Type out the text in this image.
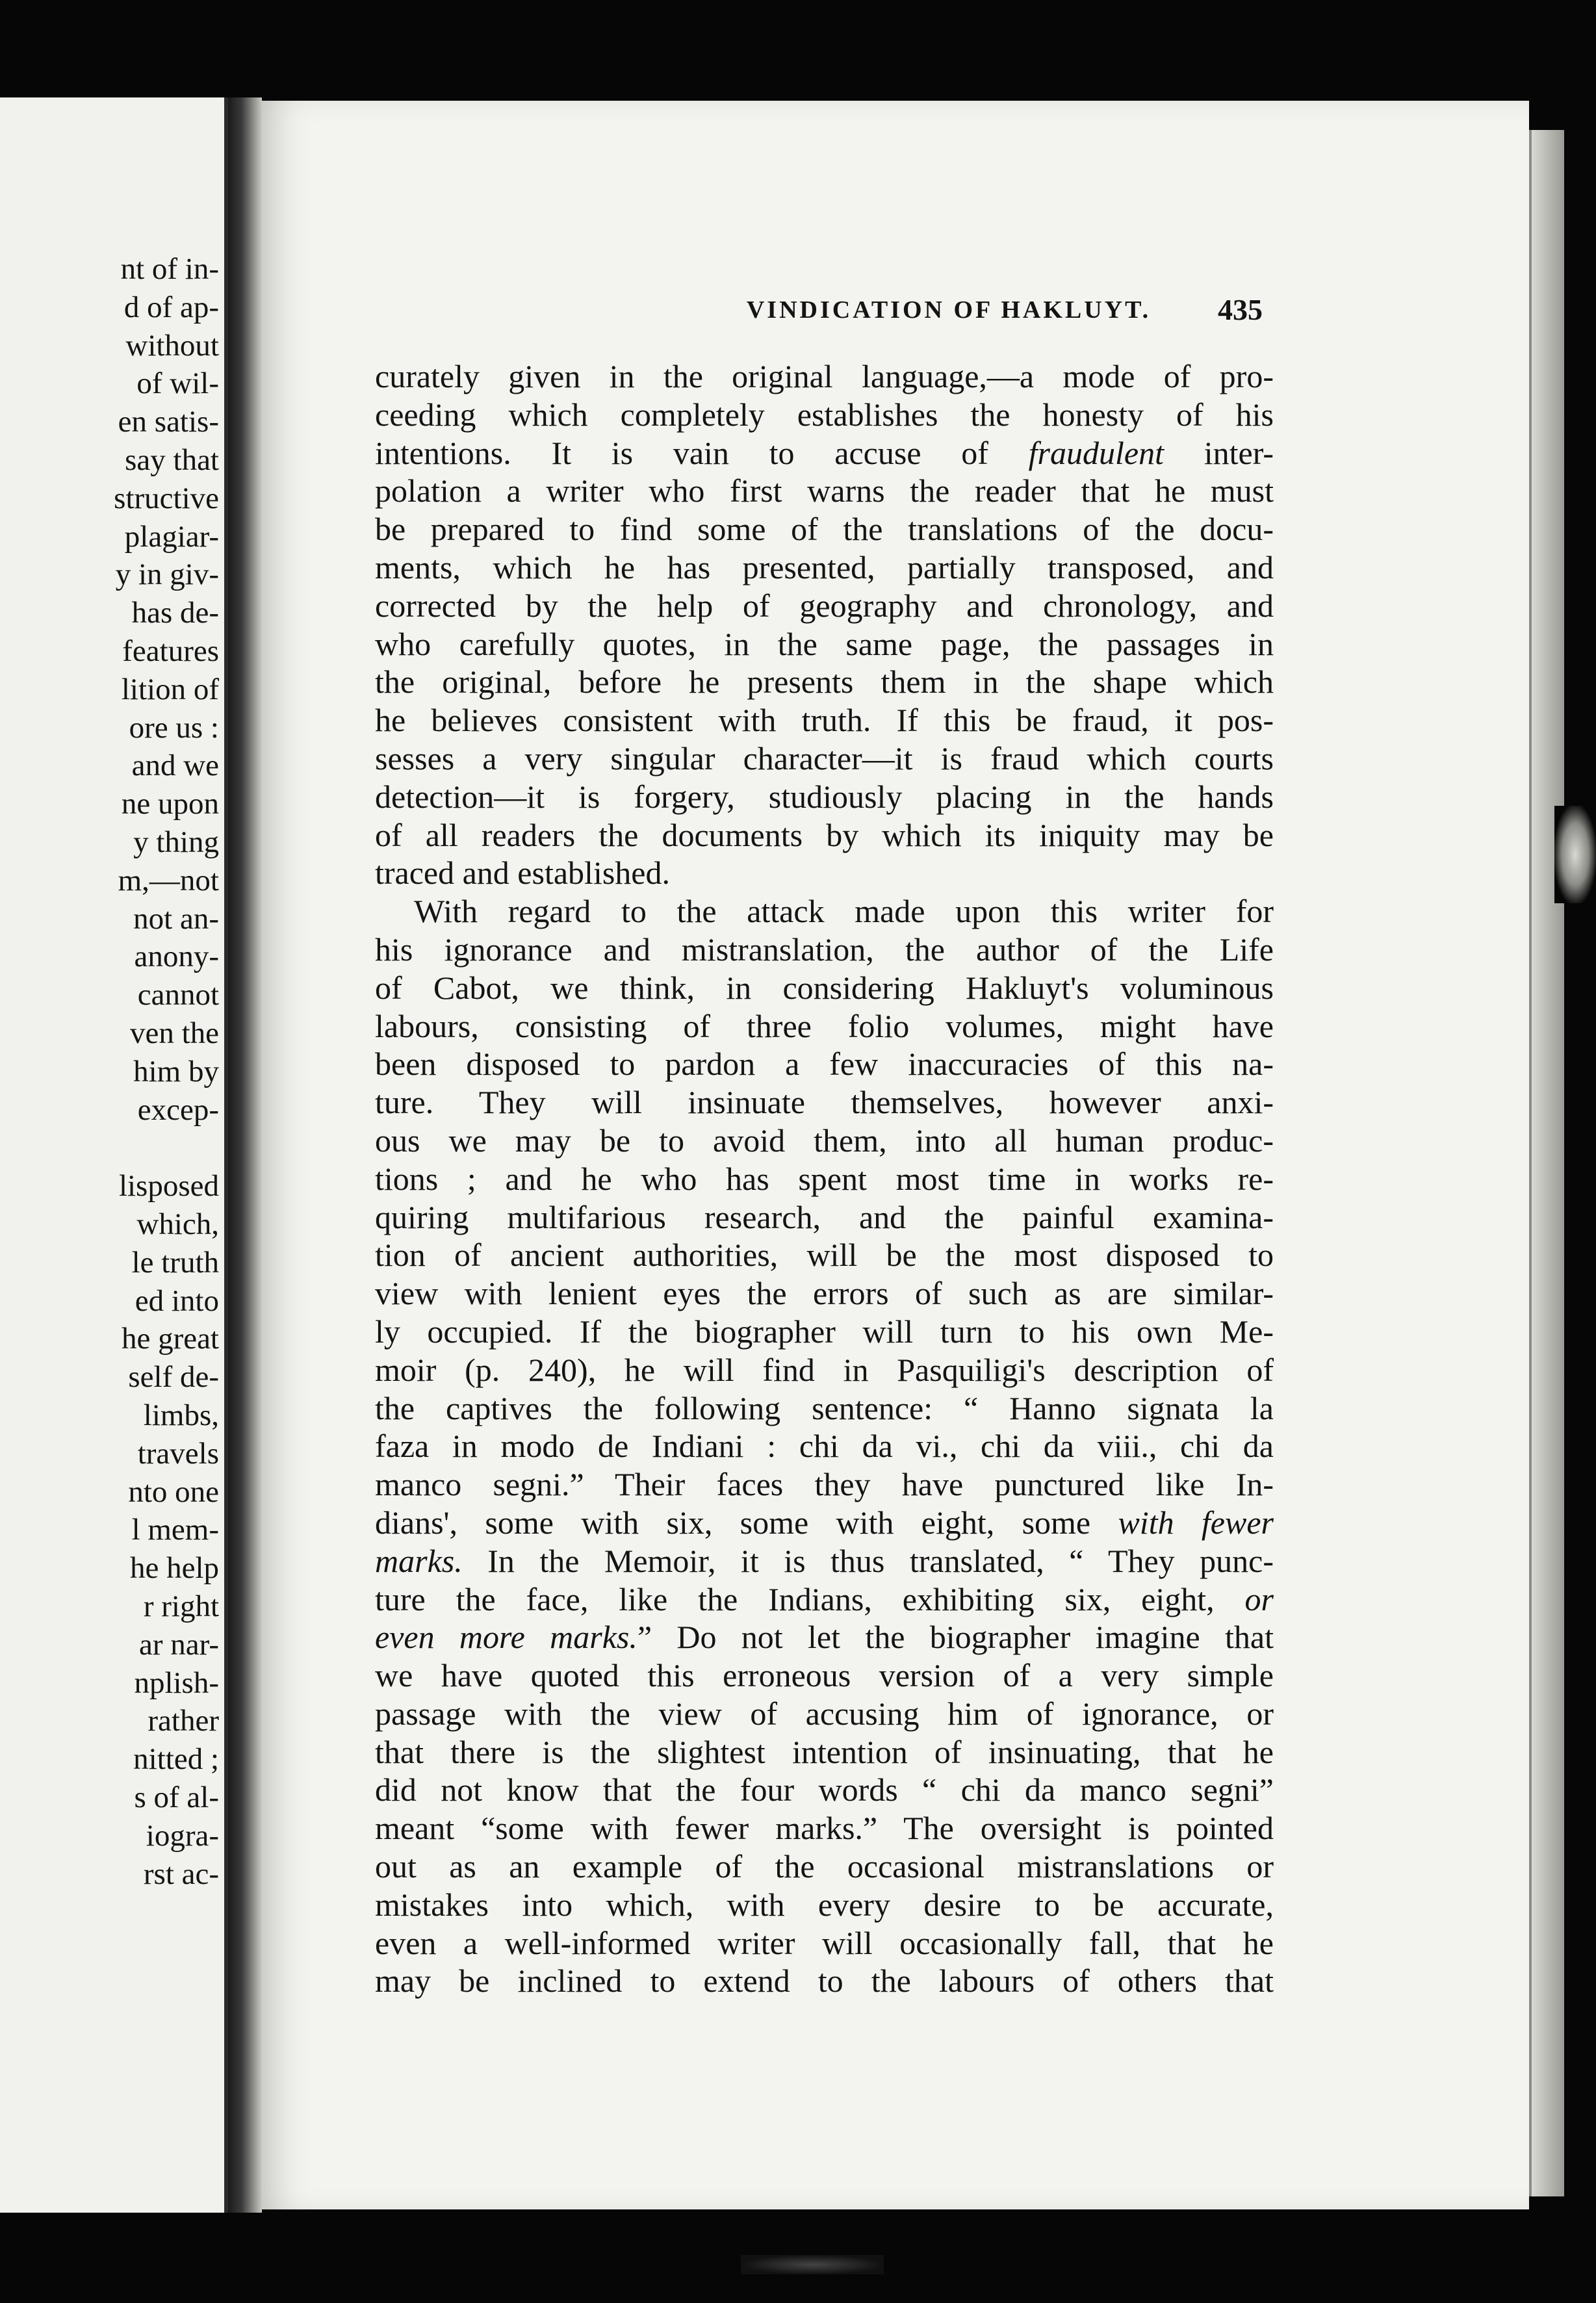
nt of in-
d of ap-
without
of wil-
en satis-
say that
structive
plagiar-
y in giv-
has de-
features
lition of
ore us :
and we
ne upon
y thing
m,—not
not an-
anony-
cannot
ven the
him by
excep-
lisposed
which,
le truth
ed into
he great
self de-
limbs,
travels
nto one
l mem-
he help
r right
ar nar-
nplish-
rather
nitted ;
s of al-
iogra-
rst ac-
VINDICATION OF HAKLUYT.	435
curately given in the original language,—a mode of pro-
ceeding which completely establishes the honesty of his
intentions. It is vain to accuse of fraudulent inter-
polation a writer who first warns the reader that he must
be prepared to find some of the translations of the docu-
ments, which he has presented, partially transposed, and
corrected by the help of geography and chronology, and
who carefully quotes, in the same page, the passages in
the original, before he presents them in the shape which
he believes consistent with truth. If this be fraud, it pos-
sesses a very singular character—it is fraud which courts
detection—it is forgery, studiously placing in the hands
of all readers the documents by which its iniquity may be
traced and established.
With regard to the attack made upon this writer for
his ignorance and mistranslation, the author of the Life
of Cabot, we think, in considering Hakluyt's voluminous
labours, consisting of three folio volumes, might have
been disposed to pardon a few inaccuracies of this na-
ture. They will insinuate themselves, however anxi-
ous we may be to avoid them, into all human produc-
tions ; and he who has spent most time in works re-
quiring multifarious research, and the painful examina-
tion of ancient authorities, will be the most disposed to
view with lenient eyes the errors of such as are similar-
ly occupied. If the biographer will turn to his own Me-
moir (p. 240), he will find in Pasquiligi's description of
the captives the following sentence: “ Hanno signata la
faza in modo de Indiani : chi da vi., chi da viii., chi da
manco segni.” Their faces they have punctured like In-
dians', some with six, some with eight, some with fewer
marks. In the Memoir, it is thus translated, “ They punc-
ture the face, like the Indians, exhibiting six, eight, or
even more marks.” Do not let the biographer imagine that
we have quoted this erroneous version of a very simple
passage with the view of accusing him of ignorance, or
that there is the slightest intention of insinuating, that he
did not know that the four words “ chi da manco segni”
meant “some with fewer marks.” The oversight is pointed
out as an example of the occasional mistranslations or
mistakes into which, with every desire to be accurate,
even a well-informed writer will occasionally fall, that he
may be inclined to extend to the labours of others that
